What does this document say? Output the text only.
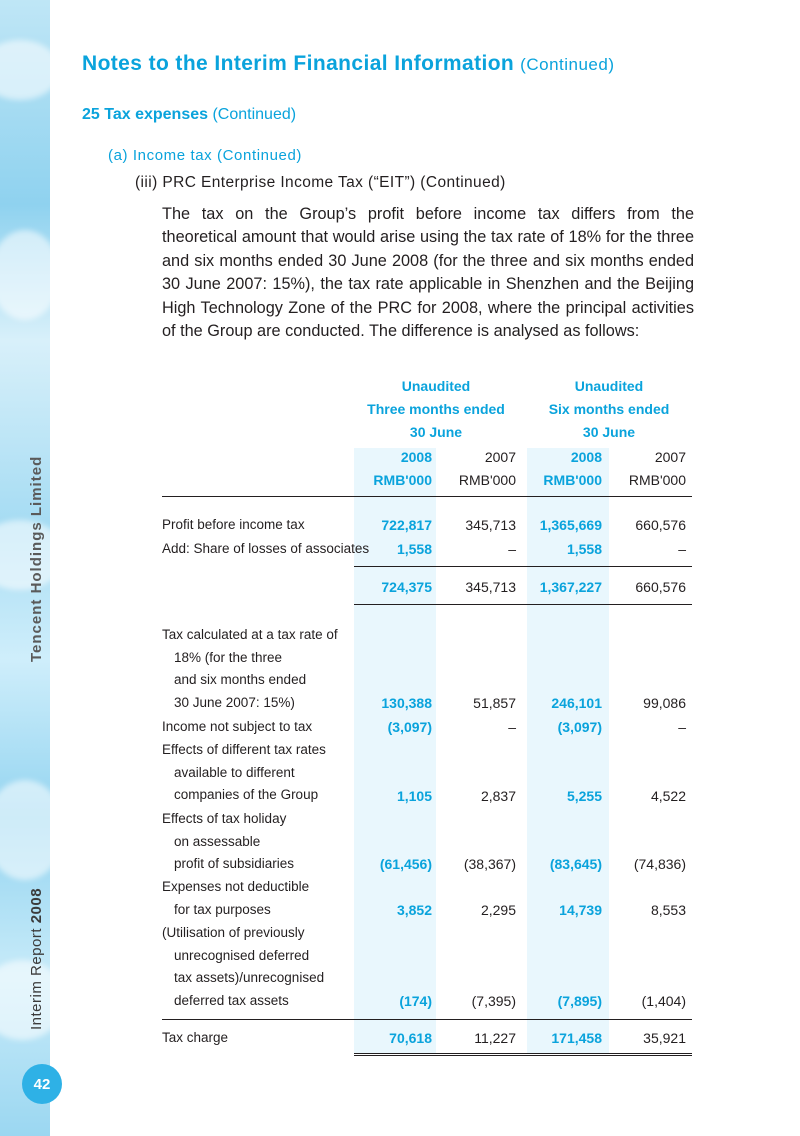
Tencent Holdings Limited
Interim Report 2008
42
Notes to the Interim Financial Information (Continued)
25 Tax expenses (Continued)
(a) Income tax (Continued)
(iii) PRC Enterprise Income Tax (“EIT”) (Continued)

The tax on the Group’s profit before income tax differs from the theoretical amount that would arise using the tax rate of 18% for the three and six months ended 30 June 2008 (for the three and six months ended 30 June 2007: 15%), the tax rate applicable in Shenzhen and the Beijing High Technology Zone of the PRC for 2008, where the principal activities of the Group are conducted. The difference is analysed as follows:

Unaudited
Three months ended
30 June
Unaudited
Six months ended
30 June
2008	2007	2008	2007
RMB'000	RMB'000	RMB'000	RMB'000
Profit before income tax	722,817	345,713	1,365,669	660,576
Add: Share of losses of associates	1,558	–	1,558	–
724,375	345,713	1,367,227	660,576
Tax calculated at a tax rate of
18% (for the three
and six months ended
30 June 2007: 15%)	130,388	51,857	246,101	99,086
Income not subject to tax	(3,097)	–	(3,097)	–
Effects of different tax rates
available to different
companies of the Group	1,105	2,837	5,255	4,522
Effects of tax holiday
on assessable
profit of subsidiaries	(61,456)	(38,367)	(83,645)	(74,836)
Expenses not deductible
for tax purposes	3,852	2,295	14,739	8,553
(Utilisation of previously
unrecognised deferred
tax assets)/unrecognised
deferred tax assets	(174)	(7,395)	(7,895)	(1,404)
Tax charge	70,618	11,227	171,458	35,921
